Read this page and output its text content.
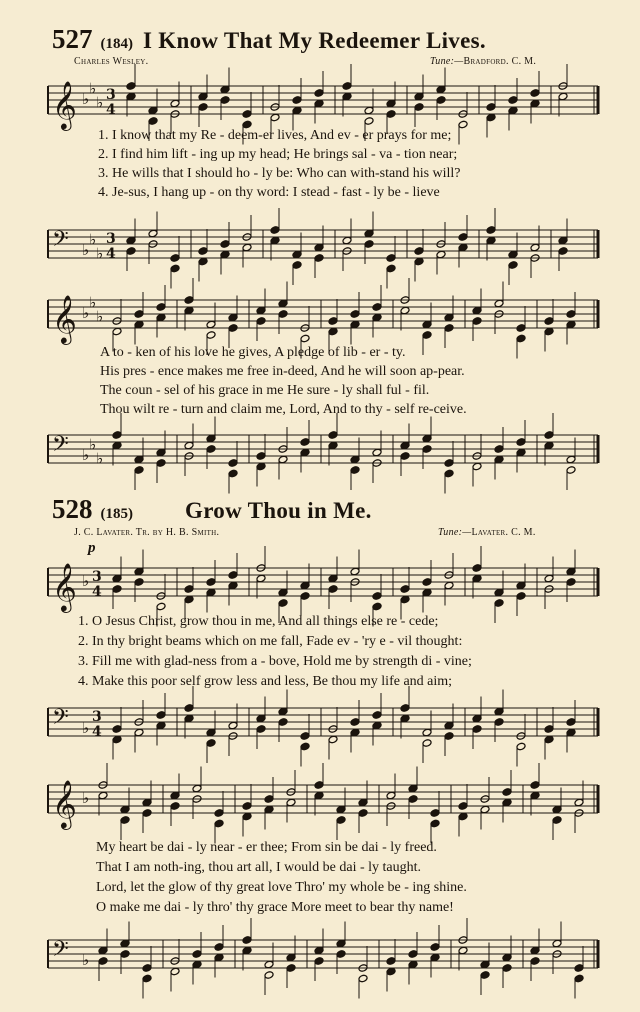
527 (184) I Know That My Redeemer Lives.
Charles Wesley.	Tune:—Bradford. C. M.
𝄞 ♭
♭
♭ 3
4
1. I know that my Re - deem-er lives, And ev - er prays for me;
2. I find him lift - ing up my head; He brings sal - va - tion near;
3. He wills that I should ho - ly be: Who can with-stand his will?
4. Je-sus, I hang up - on thy word: I stead - fast - ly be - lieve
𝄢 ♭
♭
♭
3
4
𝄞 ♭
♭
♭
A to - ken of his love he gives, A pledge of lib - er - ty.
His pres - ence makes me free in-deed, And he will soon ap-pear.
The coun - sel of his grace in me He sure - ly shall ful - fil.
Thou wilt re - turn and claim me, Lord, And to thy - self re-ceive.
𝄢 ♭
♭
♭
528 (185) Grow Thou in Me.
J. C. Lavater. Tr. by H. B. Smith.	Tune:—Lavater. C. M.
p
𝄞 ♭ 3
4
1. O Jesus Christ, grow thou in me, And all things else re - cede;
2. In thy bright beams which on me fall, Fade ev - 'ry e - vil thought:
3. Fill me with glad-ness from a - bove, Hold me by strength di - vine;
4. Make this poor self grow less and less, Be thou my life and aim;
𝄢 ♭
3
4
𝄞 ♭
My heart be dai - ly near - er thee; From sin be dai - ly freed.
That I am noth-ing, thou art all, I would be dai - ly taught.
Lord, let the glow of thy great love Thro' my whole be - ing shine.
O make me dai - ly thro' thy grace More meet to bear thy name!
𝄢 ♭
